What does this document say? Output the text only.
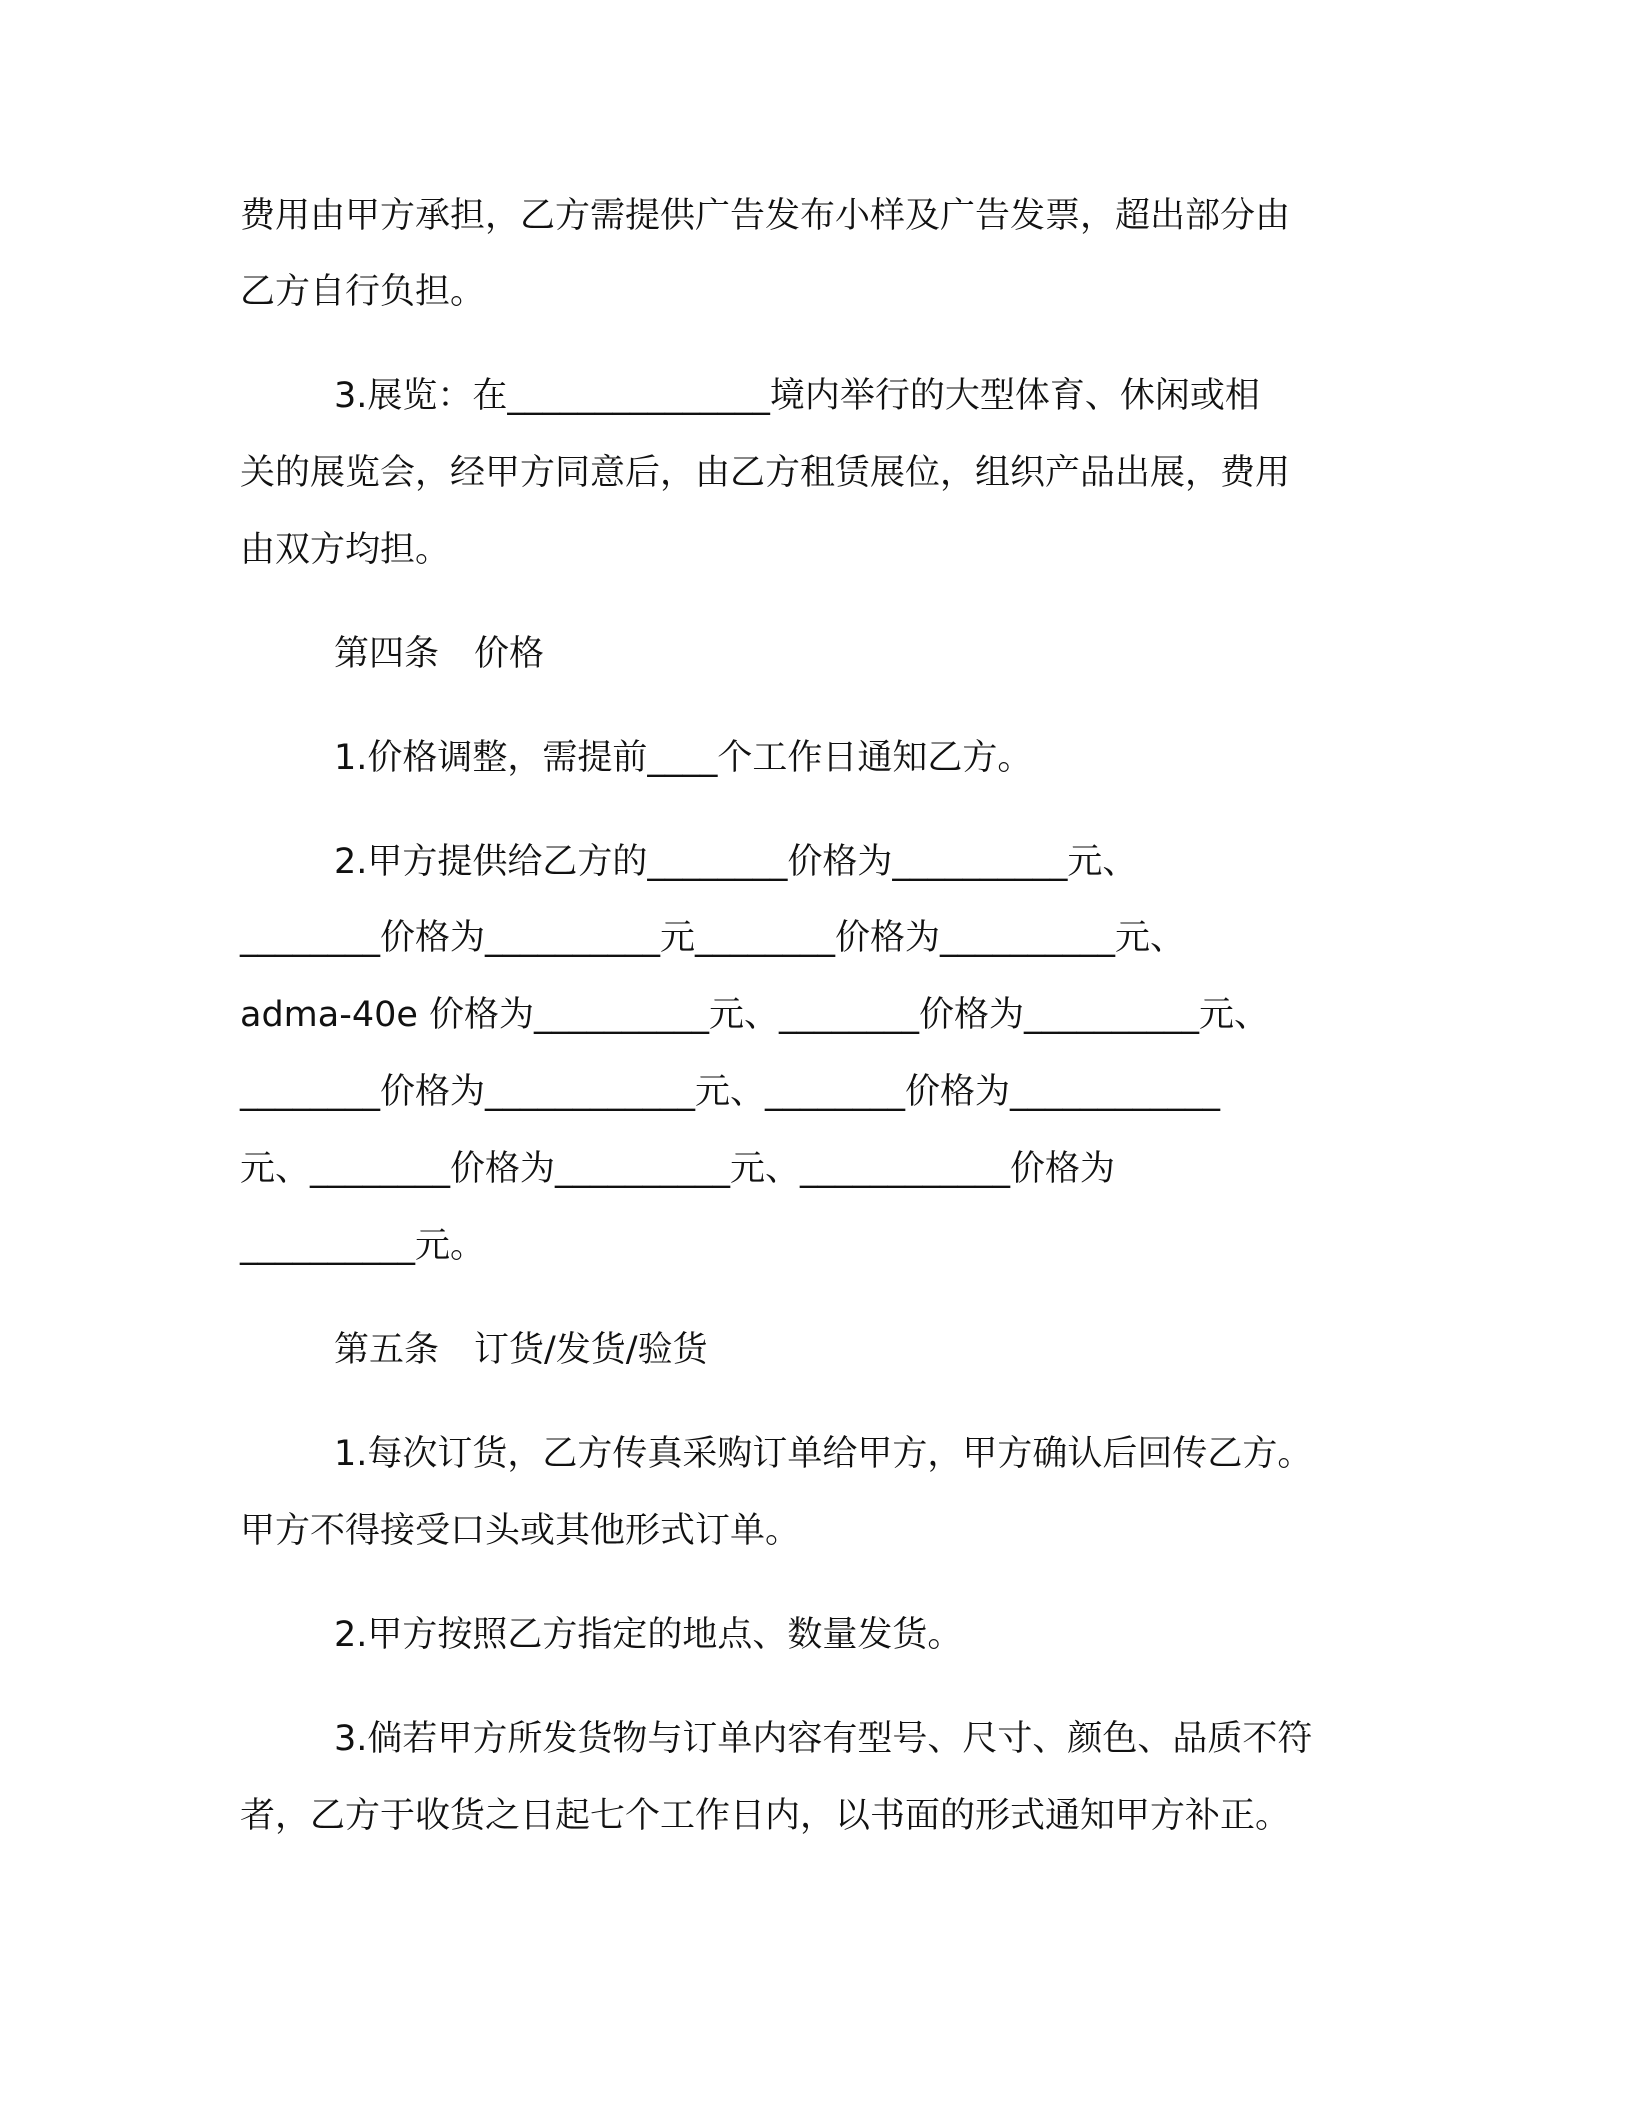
费用由甲方承担，乙方需提供广告发布小样及广告发票，超出部分由
乙方自行负担。
3.展览：在_______________境内举行的大型体育、休闲或相
关的展览会，经甲方同意后，由乙方租赁展位，组织产品出展，费用
由双方均担。
第四条　价格
1.价格调整，需提前____个工作日通知乙方。
2.甲方提供给乙方的________价格为__________元、
________价格为__________元________价格为__________元、
adma-40e 价格为__________元、________价格为__________元、
________价格为____________元、________价格为____________
元、________价格为__________元、____________价格为
__________元。
第五条　订货/发货/验货
1.每次订货，乙方传真采购订单给甲方，甲方确认后回传乙方。
甲方不得接受口头或其他形式订单。
2.甲方按照乙方指定的地点、数量发货。
3.倘若甲方所发货物与订单内容有型号、尺寸、颜色、品质不符
者，乙方于收货之日起七个工作日内，以书面的形式通知甲方补正。
